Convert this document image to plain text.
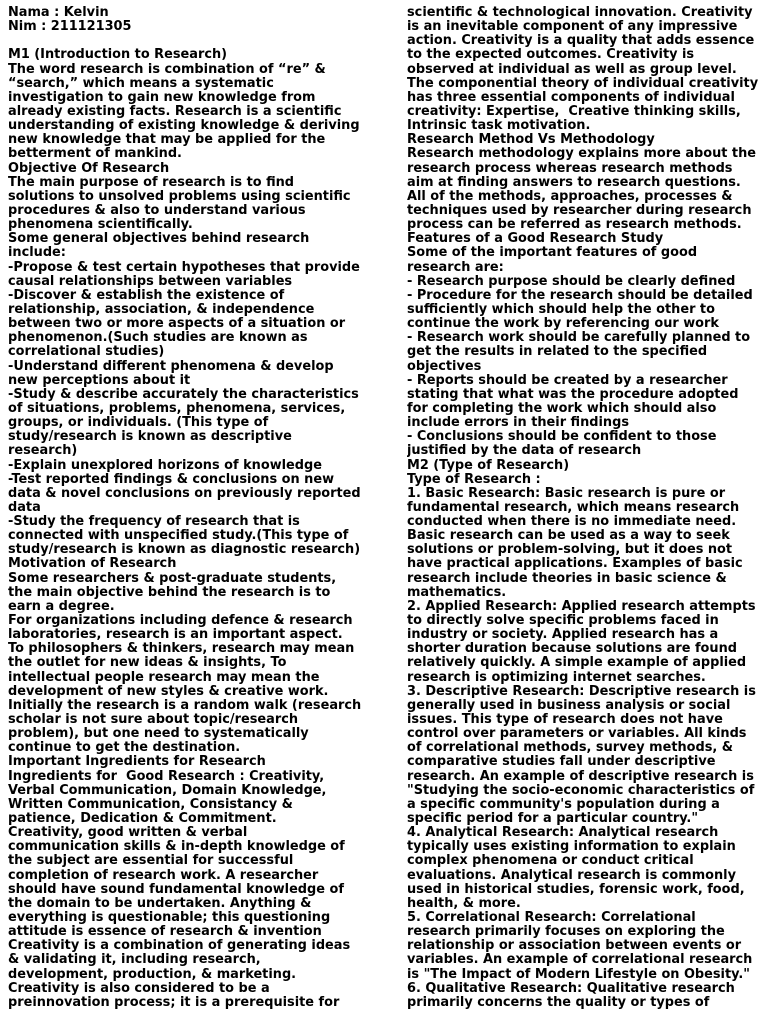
Nama : Kelvin
Nim : 211121305
M1 (Introduction to Research)
The word research is combination of “re” &
“search,” which means a systematic
investigation to gain new knowledge from
already existing facts. Research is a scientific
understanding of existing knowledge & deriving
new knowledge that may be applied for the
betterment of mankind.
Objective Of Research
The main purpose of research is to find
solutions to unsolved problems using scientific
procedures & also to understand various
phenomena scientifically.
Some general objectives behind research
include:
-Propose & test certain hypotheses that provide
causal relationships between variables
-Discover & establish the existence of
relationship, association, & independence
between two or more aspects of a situation or
phenomenon.(Such studies are known as
correlational studies)
-Understand different phenomena & develop
new perceptions about it
-Study & describe accurately the characteristics
of situations, problems, phenomena, services,
groups, or individuals. (This type of
study/research is known as descriptive
research)
-Explain unexplored horizons of knowledge
-Test reported findings & conclusions on new
data & novel conclusions on previously reported
data
-Study the frequency of research that is
connected with unspecified study.(This type of
study/research is known as diagnostic research)
Motivation of Research
Some researchers & post-graduate students,
the main objective behind the research is to
earn a degree.
For organizations including defence & research
laboratories, research is an important aspect.
To philosophers & thinkers, research may mean
the outlet for new ideas & insights, To
intellectual people research may mean the
development of new styles & creative work.
Initially the research is a random walk (research
scholar is not sure about topic/research
problem), but one need to systematically
continue to get the destination.
Important Ingredients for Research
Ingredients for  Good Research : Creativity,
Verbal Communication, Domain Knowledge,
Written Communication, Consistancy &
patience, Dedication & Commitment.
Creativity, good written & verbal
communication skills & in-depth knowledge of
the subject are essential for successful
completion of research work. A researcher
should have sound fundamental knowledge of
the domain to be undertaken. Anything &
everything is questionable; this questioning
attitude is essence of research & invention
Creativity is a combination of generating ideas
& validating it, including research,
development, production, & marketing.
Creativity is also considered to be a
preinnovation process; it is a prerequisite for
scientific & technological innovation. Creativity
is an inevitable component of any impressive
action. Creativity is a quality that adds essence
to the expected outcomes. Creativity is
observed at individual as well as group level.
The componential theory of individual creativity
has three essential components of individual
creativity: Expertise,  Creative thinking skills,
Intrinsic task motivation.
Research Method Vs Methodology
Research methodology explains more about the
research process whereas research methods
aim at finding answers to research questions.
All of the methods, approaches, processes &
techniques used by researcher during research
process can be referred as research methods.
Features of a Good Research Study
Some of the important features of good
research are:
- Research purpose should be clearly defined
- Procedure for the research should be detailed
sufficiently which should help the other to
continue the work by referencing our work
- Research work should be carefully planned to
get the results in related to the specified
objectives
- Reports should be created by a researcher
stating that what was the procedure adopted
for completing the work which should also
include errors in their findings
- Conclusions should be confident to those
justified by the data of research
M2 (Type of Research)
Type of Research :
1. Basic Research: Basic research is pure or
fundamental research, which means research
conducted when there is no immediate need.
Basic research can be used as a way to seek
solutions or problem-solving, but it does not
have practical applications. Examples of basic
research include theories in basic science &
mathematics.
2. Applied Research: Applied research attempts
to directly solve specific problems faced in
industry or society. Applied research has a
shorter duration because solutions are found
relatively quickly. A simple example of applied
research is optimizing internet searches.
3. Descriptive Research: Descriptive research is
generally used in business analysis or social
issues. This type of research does not have
control over parameters or variables. All kinds
of correlational methods, survey methods, &
comparative studies fall under descriptive
research. An example of descriptive research is
"Studying the socio-economic characteristics of
a specific community's population during a
specific period for a particular country."
4. Analytical Research: Analytical research
typically uses existing information to explain
complex phenomena or conduct critical
evaluations. Analytical research is commonly
used in historical studies, forensic work, food,
health, & more.
5. Correlational Research: Correlational
research primarily focuses on exploring the
relationship or association between events or
variables. An example of correlational research
is "The Impact of Modern Lifestyle on Obesity."
6. Qualitative Research: Qualitative research
primarily concerns the quality or types of
